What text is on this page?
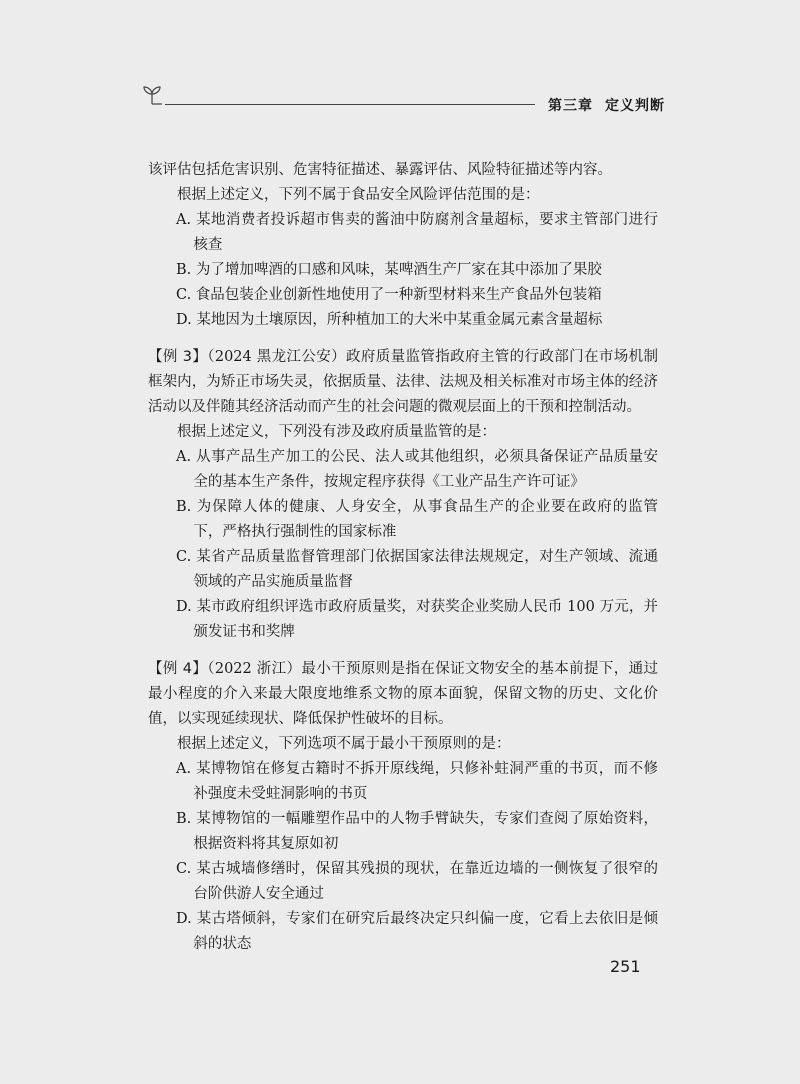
第三章 定义判断

该评估包括危害识别、危害特征描述、暴露评估、风险特征描述等内容。

根据上述定义，下列不属于食品安全风险评估范围的是：

A. 某地消费者投诉超市售卖的酱油中防腐剂含量超标，要求主管部门进行核查

B. 为了增加啤酒的口感和风味，某啤酒生产厂家在其中添加了果胶

C. 食品包装企业创新性地使用了一种新型材料来生产食品外包装箱

D. 某地因为土壤原因，所种植加工的大米中某重金属元素含量超标

【例 3】（2024 黑龙江公安）政府质量监管指政府主管的行政部门在市场机制框架内，为矫正市场失灵，依据质量、法律、法规及相关标准对市场主体的经济活动以及伴随其经济活动而产生的社会问题的微观层面上的干预和控制活动。

根据上述定义，下列没有涉及政府质量监管的是：

A. 从事产品生产加工的公民、法人或其他组织，必须具备保证产品质量安全的基本生产条件，按规定程序获得《工业产品生产许可证》

B. 为保障人体的健康、人身安全，从事食品生产的企业要在政府的监管下，严格执行强制性的国家标准

C. 某省产品质量监督管理部门依据国家法律法规规定，对生产领域、流通领域的产品实施质量监督

D. 某市政府组织评选市政府质量奖，对获奖企业奖励人民币 100 万元，并颁发证书和奖牌

【例 4】（2022 浙江）最小干预原则是指在保证文物安全的基本前提下，通过最小程度的介入来最大限度地维系文物的原本面貌，保留文物的历史、文化价值，以实现延续现状、降低保护性破坏的目标。

根据上述定义，下列选项不属于最小干预原则的是：

A. 某博物馆在修复古籍时不拆开原线绳，只修补蛀洞严重的书页，而不修补强度未受蛀洞影响的书页

B. 某博物馆的一幅雕塑作品中的人物手臂缺失，专家们查阅了原始资料，根据资料将其复原如初

C. 某古城墙修缮时，保留其残损的现状，在靠近边墙的一侧恢复了很窄的台阶供游人安全通过

D. 某古塔倾斜，专家们在研究后最终决定只纠偏一度，它看上去依旧是倾斜的状态

251
